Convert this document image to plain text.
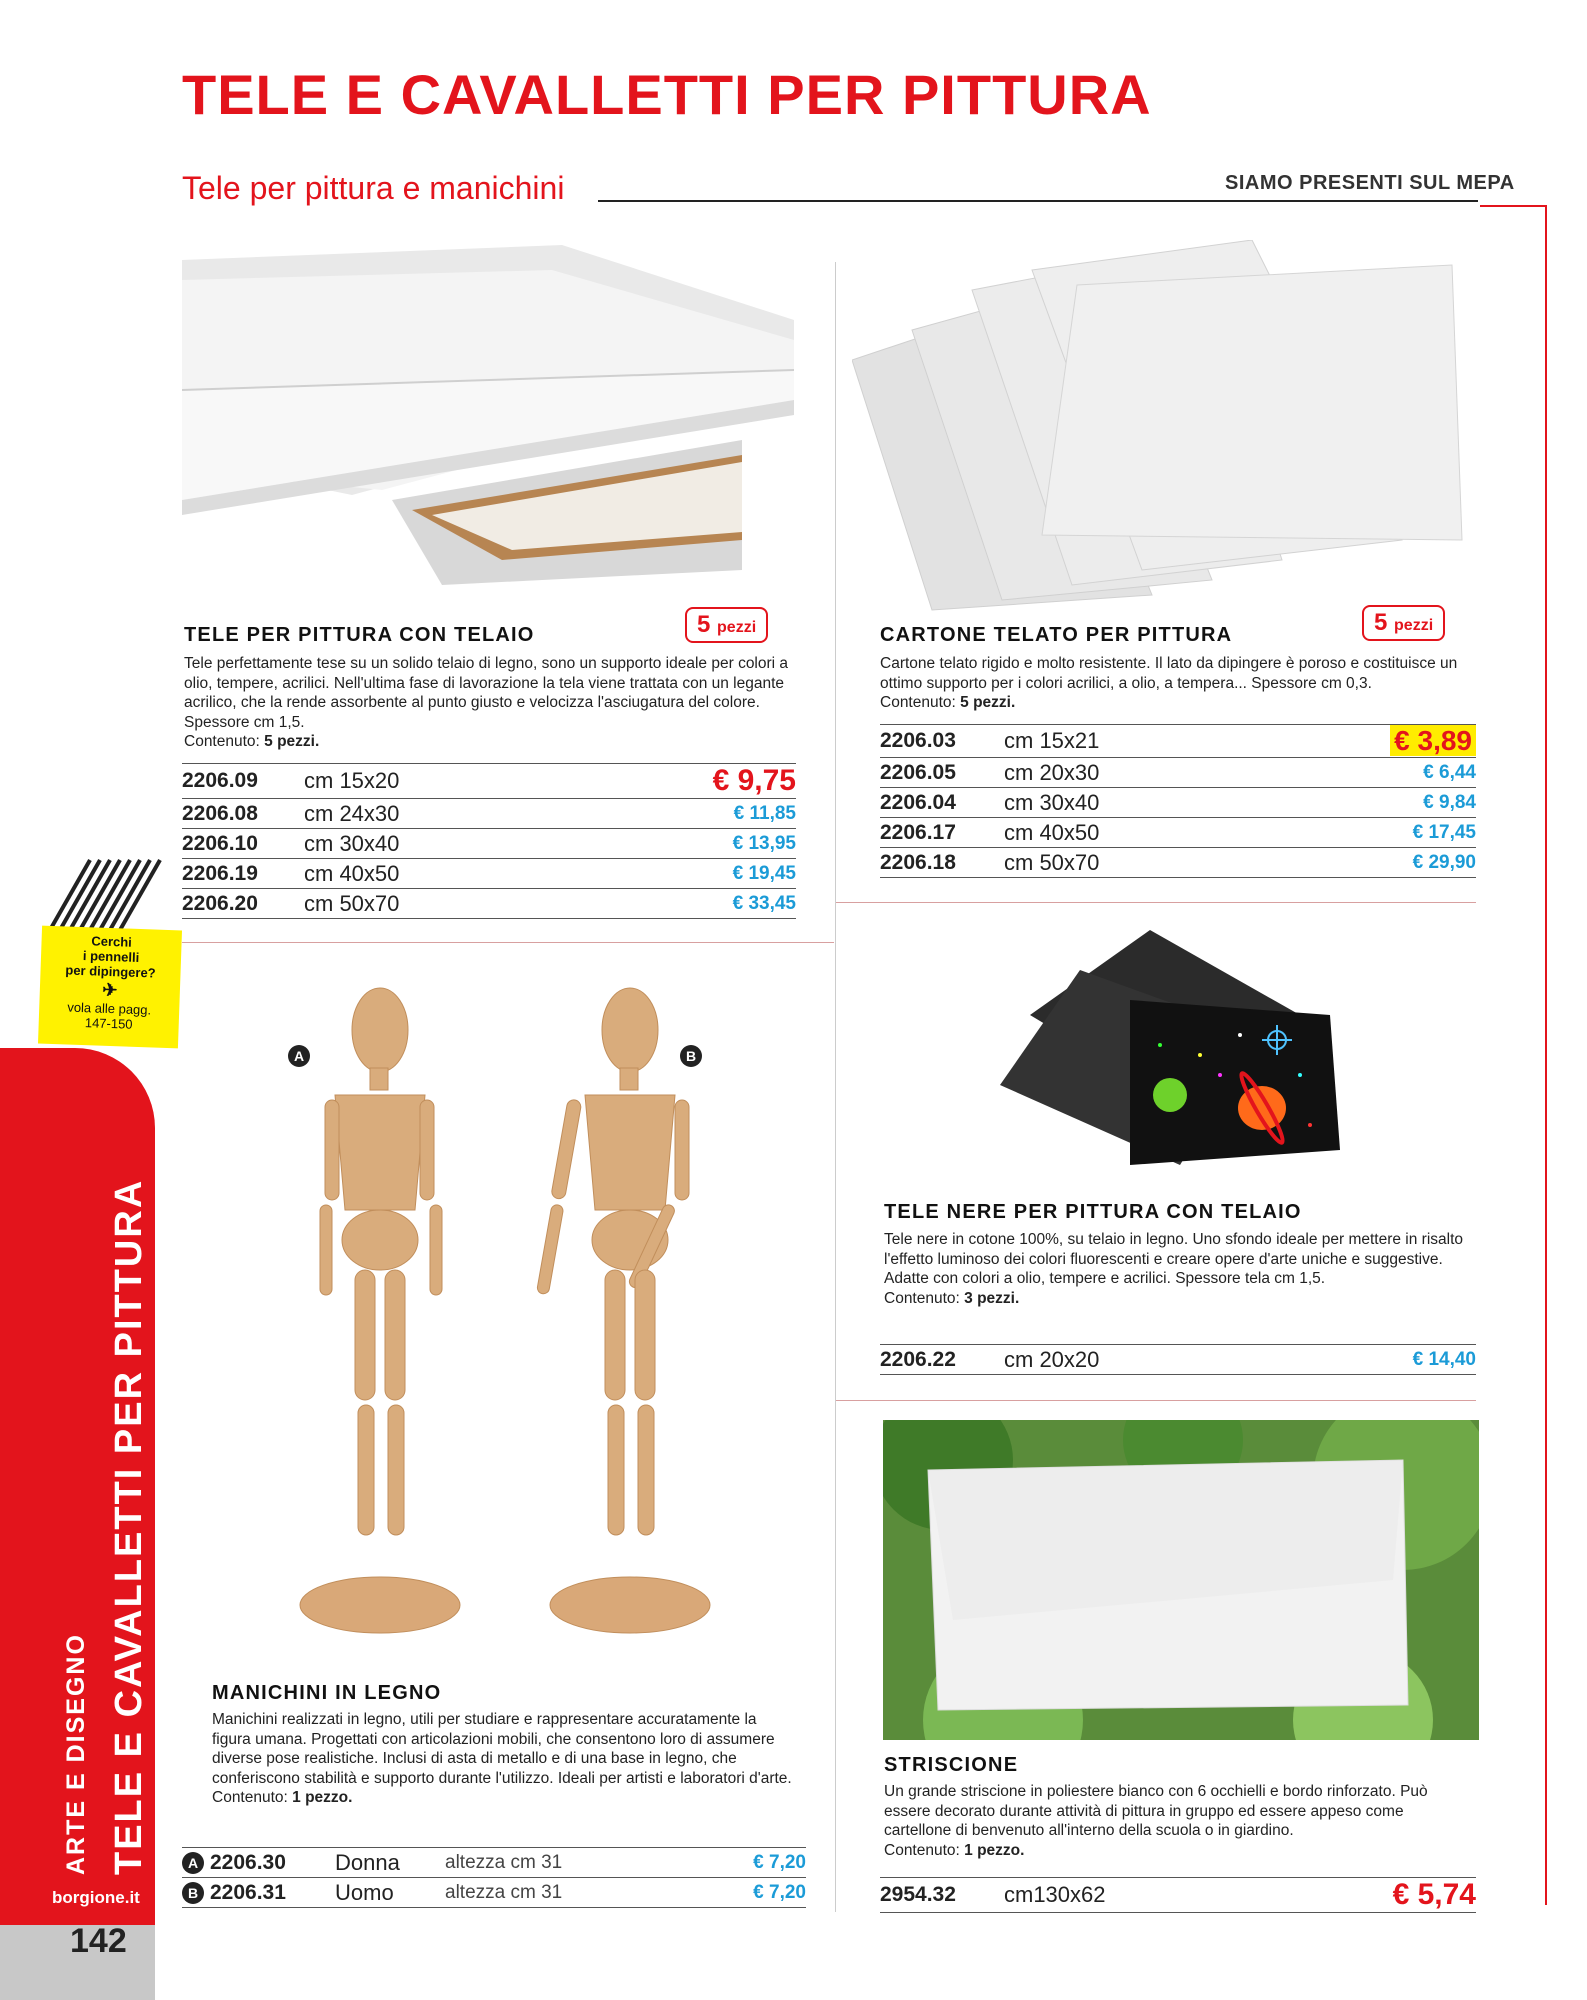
TELE E CAVALLETTI PER PITTURA
Tele per pittura e manichini	SIAMO PRESENTI SUL MEPA
5 pezzi
TELE PER PITTURA CON TELAIO
Tele perfettamente tese su un solido telaio di legno, sono un supporto ideale per colori a olio, tempere, acrilici. Nell'ultima fase di lavorazione la tela viene trattata con un legante acrilico, che la rende assorbente al punto giusto e velocizza l'asciugatura del colore. Spessore cm 1,5.
Contenuto: 5 pezzi.
2206.09	cm 15x20	€ 9,75
2206.08	cm 24x30	€ 11,85
2206.10	cm 30x40	€ 13,95
2206.19	cm 40x50	€ 19,45
2206.20	cm 50x70	€ 33,45
5 pezzi
CARTONE TELATO PER PITTURA
Cartone telato rigido e molto resistente. Il lato da dipingere è poroso e costituisce un ottimo supporto per i colori acrilici, a olio, a tempera... Spessore cm 0,3.
Contenuto: 5 pezzi.
2206.03	cm 15x21	€ 3,89
2206.05	cm 20x30	€ 6,44
2206.04	cm 30x40	€ 9,84
2206.17	cm 40x50	€ 17,45
2206.18	cm 50x70	€ 29,90
TELE NERE PER PITTURA CON TELAIO
Tele nere in cotone 100%, su telaio in legno. Uno sfondo ideale per mettere in risalto l'effetto luminoso dei colori fluorescenti e creare opere d'arte uniche e suggestive. Adatte con colori a olio, tempere e acrilici. Spessore tela cm 1,5.
Contenuto: 3 pezzi.
2206.22	cm 20x20	€ 14,40
A	B
MANICHINI IN LEGNO
Manichini realizzati in legno, utili per studiare e rappresentare accuratamente la figura umana. Progettati con articolazioni mobili, che consentono loro di assumere diverse pose realistiche. Inclusi di asta di metallo e di una base in legno, che conferiscono stabilità e supporto durante l'utilizzo. Ideali per artisti e laboratori d'arte.
Contenuto: 1 pezzo.
A	2206.30	Donna	altezza cm 31	€ 7,20

B	2206.31	Uomo	altezza cm 31	€ 7,20
STRISCIONE
Un grande striscione in poliestere bianco con 6 occhielli e bordo rinforzato. Può essere decorato durante attività di pittura in gruppo ed essere appeso come cartellone di benvenuto all'interno della scuola o in giardino.
Contenuto: 1 pezzo.
2954.32	cm130x62	€ 5,74
ARTE E DISEGNO TELE E CAVALLETTI PER PITTURA
borgione.it
142
Cerchi
i pennelli
per dipingere?
✈
vola alle pagg.
147-150
